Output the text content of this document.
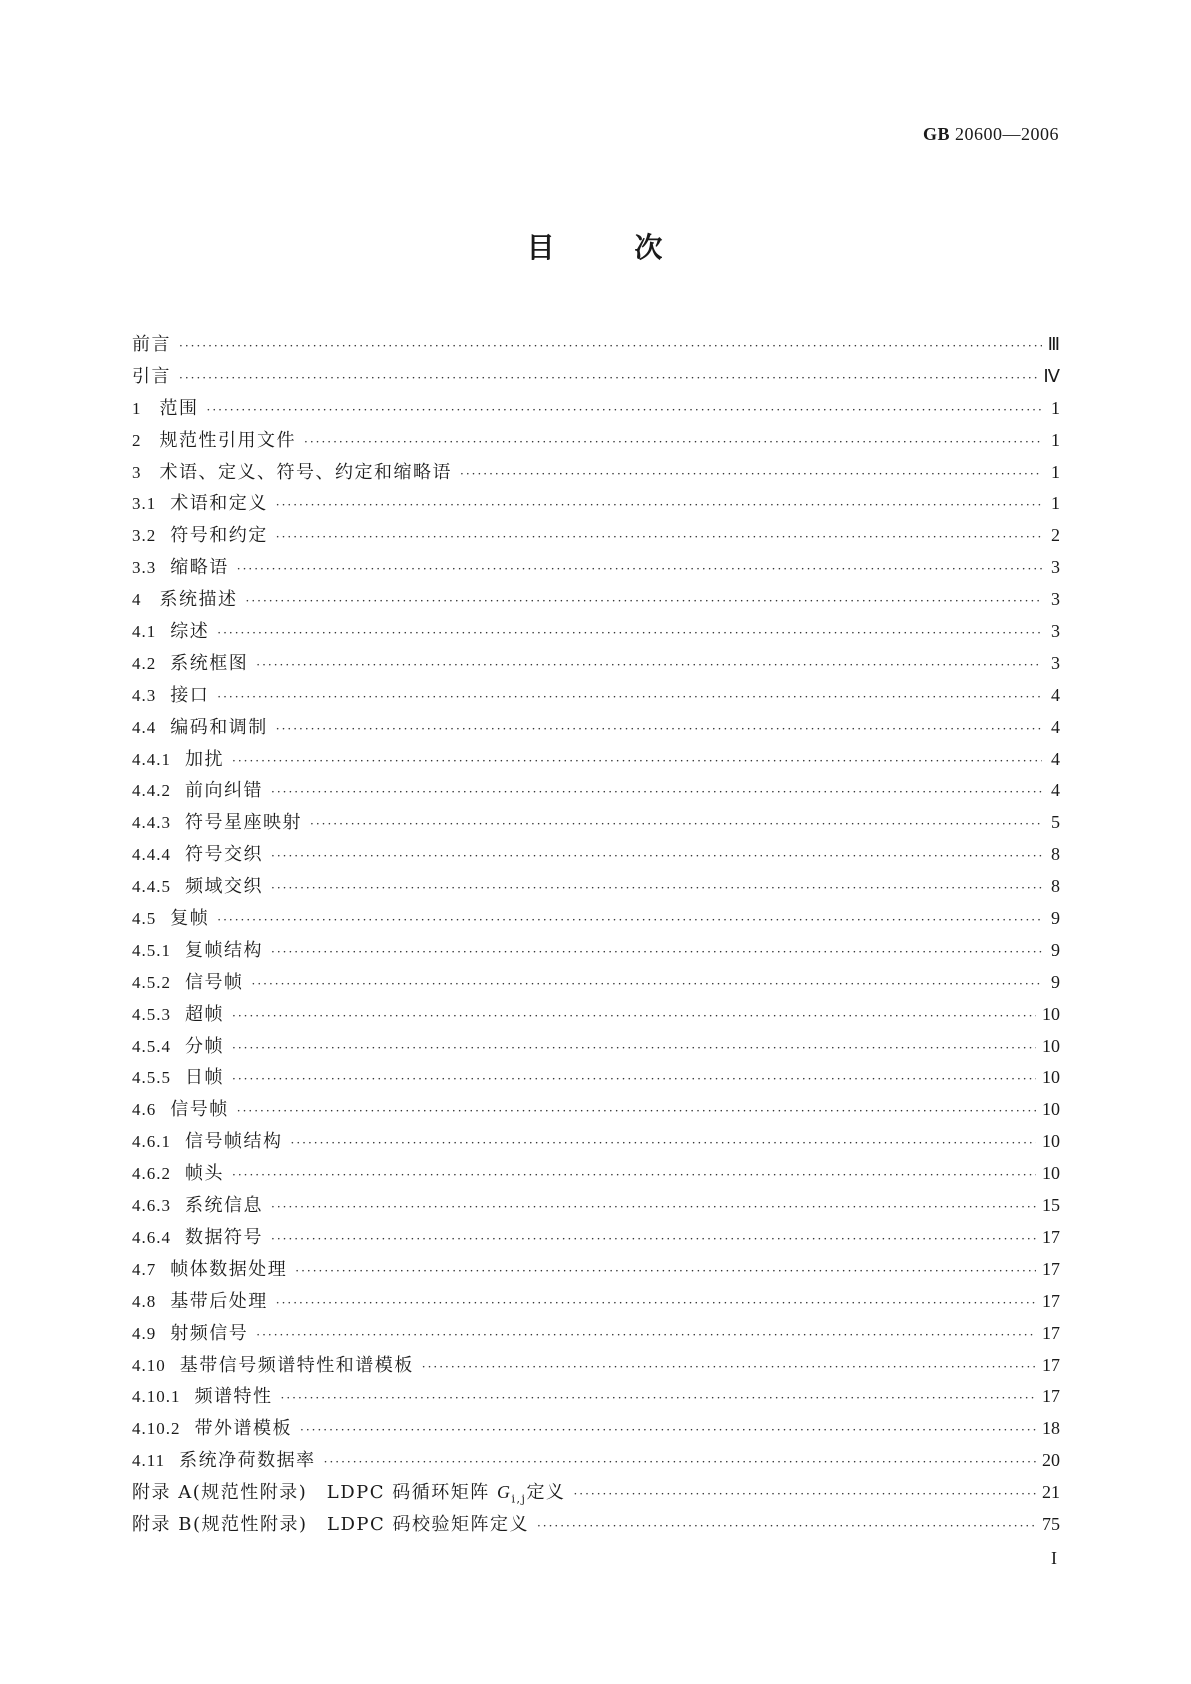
GB 20600—2006
目	次
前言 ·····	Ⅲ
引言 ·····	Ⅳ
1 范围 ·····	1
2 规范性引用文件 ·····	1
3 术语、定义、符号、约定和缩略语 ·····	1
3.1 术语和定义 ·····	1
3.2 符号和约定 ·····	2
3.3 缩略语 ·····	3
4 系统描述 ·····	3
4.1 综述 ·····	3
4.2 系统框图 ·····	3
4.3 接口 ·····	4
4.4 编码和调制 ·····	4
4.4.1 加扰 ·····	4
4.4.2 前向纠错 ·····	4
4.4.3 符号星座映射 ·····	5
4.4.4 符号交织 ·····	8
4.4.5 频域交织 ·····	8
4.5 复帧 ·····	9
4.5.1 复帧结构 ·····	9
4.5.2 信号帧 ·····	9
4.5.3 超帧 ·····	10
4.5.4 分帧 ·····	10
4.5.5 日帧 ·····	10
4.6 信号帧 ·····	10
4.6.1 信号帧结构 ·····	10
4.6.2 帧头 ·····	10
4.6.3 系统信息 ·····	15
4.6.4 数据符号 ·····	17
4.7 帧体数据处理 ·····	17
4.8 基带后处理 ·····	17
4.9 射频信号 ·····	17
4.10 基带信号频谱特性和谱模板 ·····	17
4.10.1 频谱特性 ·····	17
4.10.2 带外谱模板 ·····	18
4.11 系统净荷数据率 ·····	20
附录 A(规范性附录)　LDPC 码循环矩阵 $G_{i,j}$定义 ·····	21
附录 B(规范性附录)　LDPC 码校验矩阵定义 ·····	75
I
